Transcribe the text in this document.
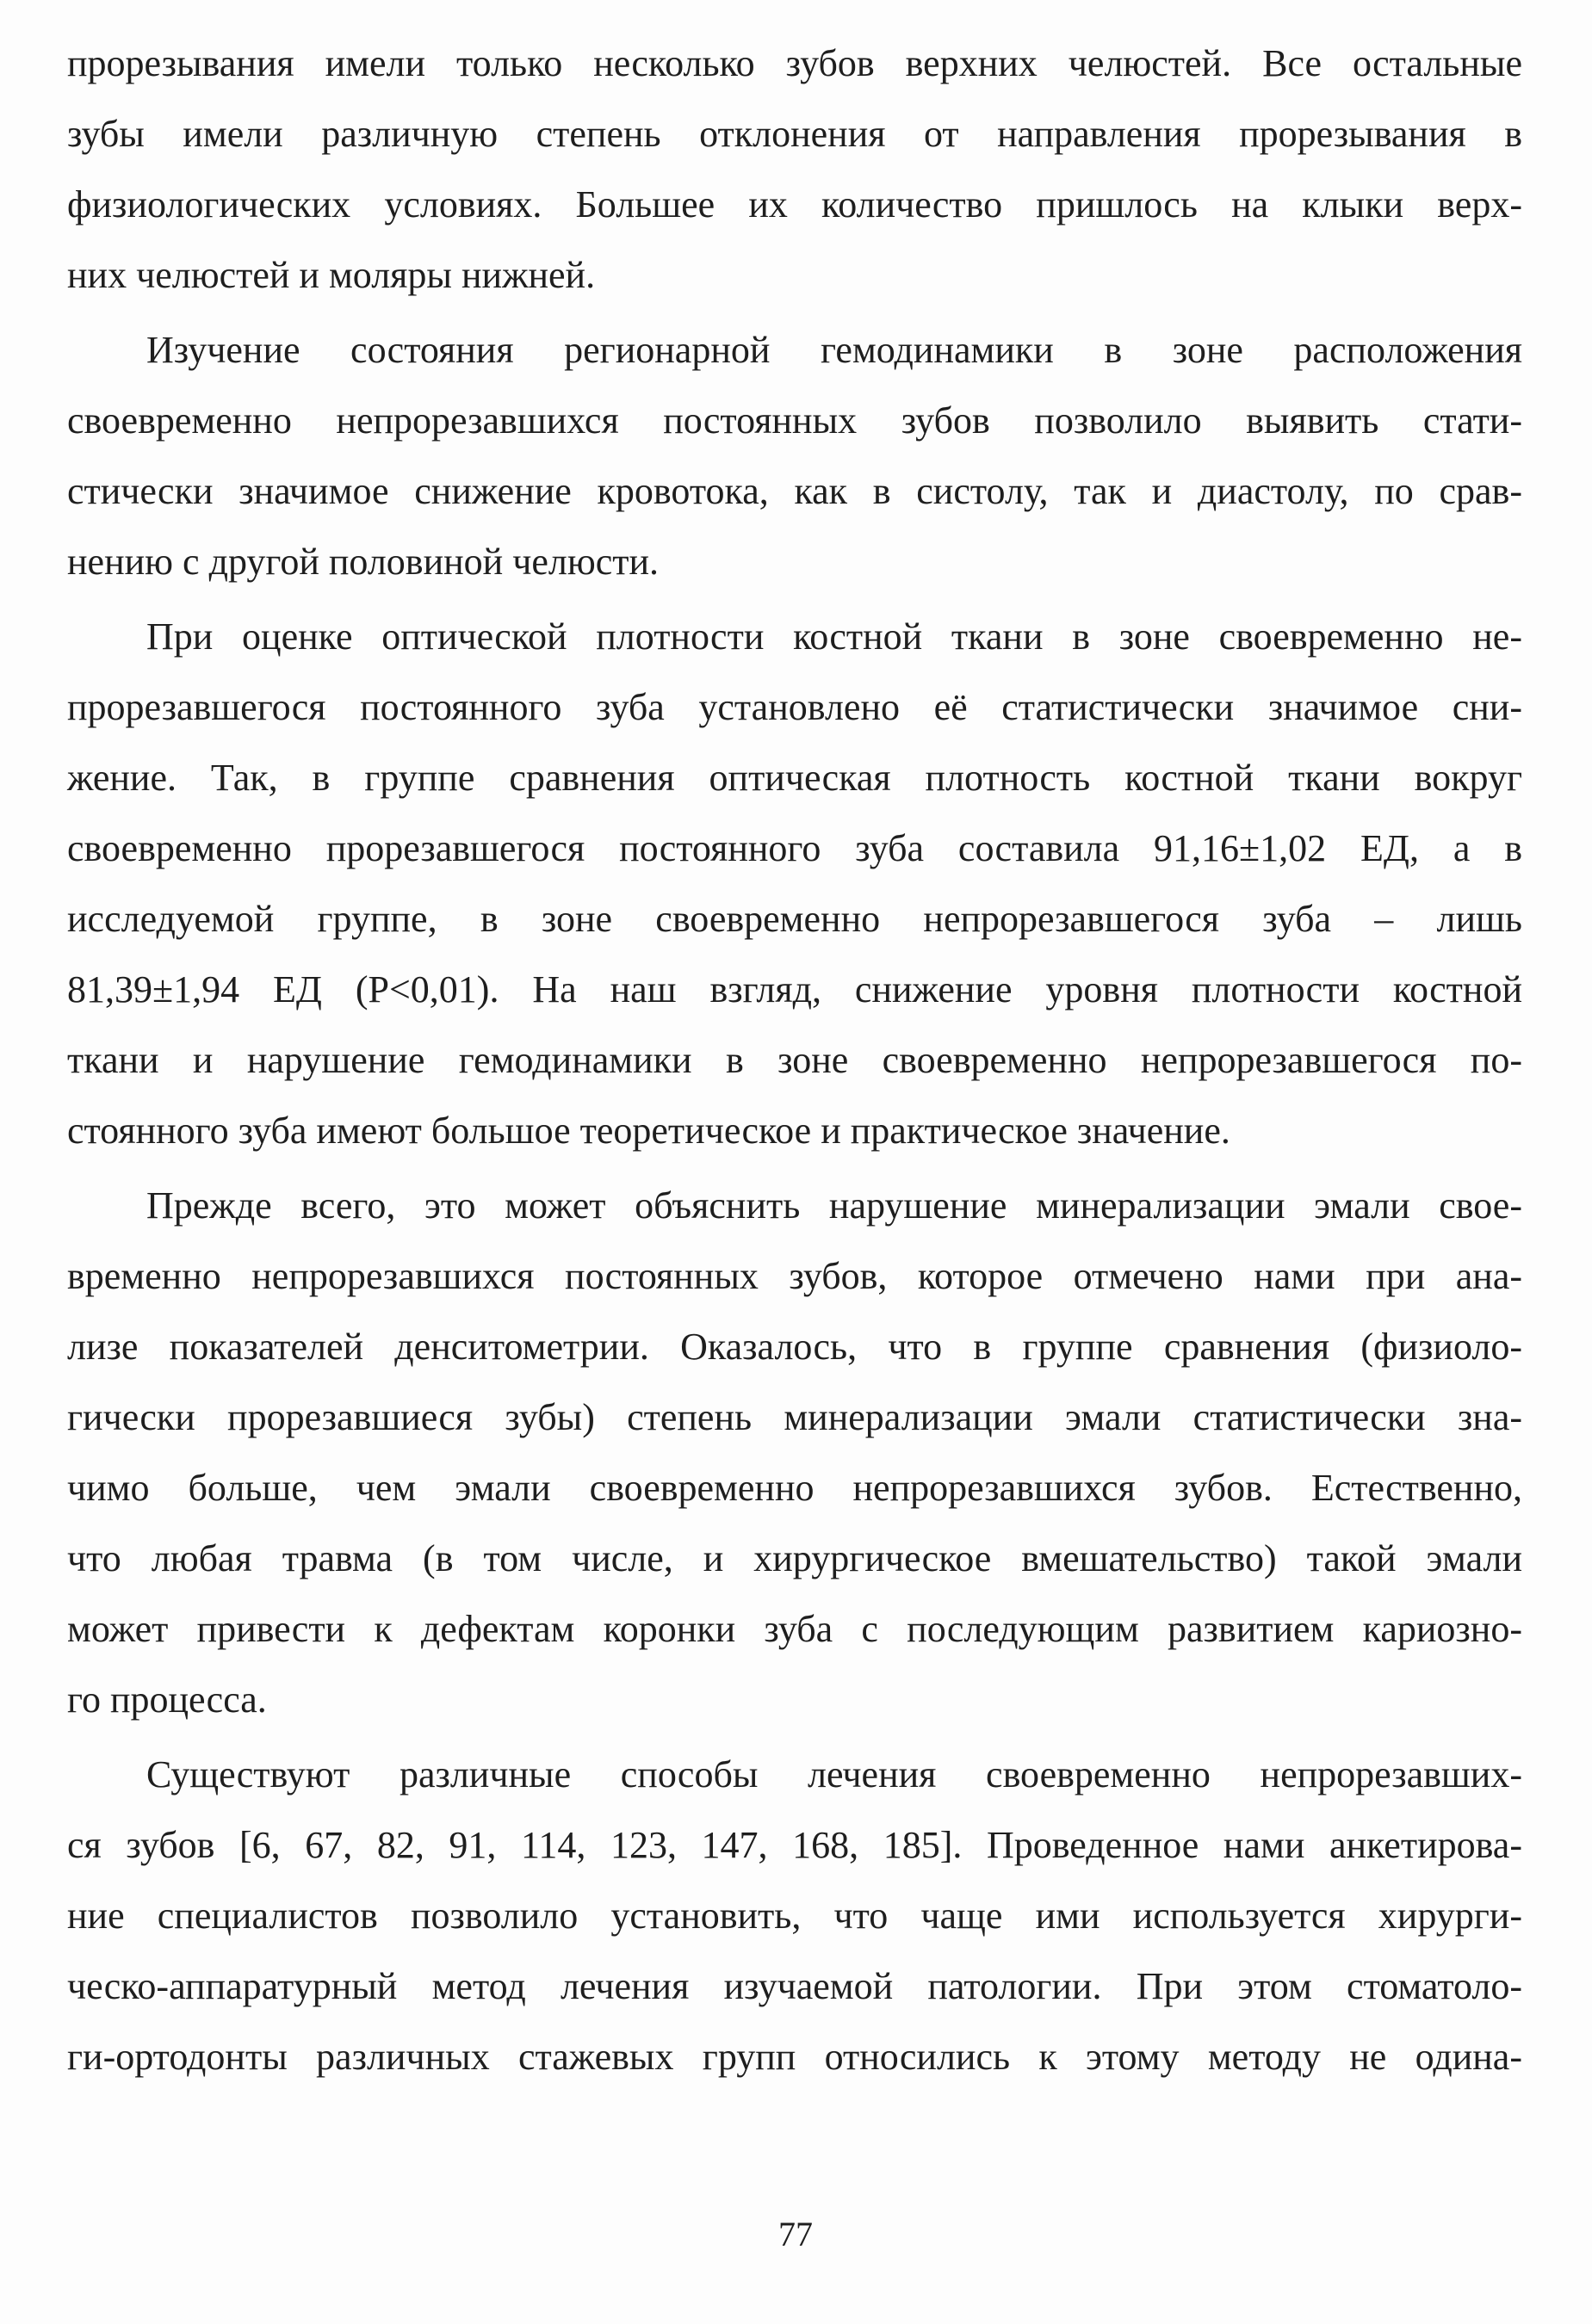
прорезывания имели только несколько зубов верхних челюстей. Все остальные
зубы имели различную степень отклонения от направления прорезывания в
физиологических условиях. Большее их количество пришлось на клыки верх-
них челюстей и моляры нижней.
Изучение состояния регионарной гемодинамики в зоне расположения
своевременно непрорезавшихся постоянных зубов позволило выявить стати-
стически значимое снижение кровотока, как в систолу, так и диастолу, по срав-
нению с другой половиной челюсти.
При оценке оптической плотности костной ткани в зоне своевременно не-
прорезавшегося постоянного зуба установлено её статистически значимое сни-
жение. Так, в группе сравнения оптическая плотность костной ткани вокруг
своевременно прорезавшегося постоянного зуба составила 91,16±1,02 ЕД, а в
исследуемой группе, в зоне своевременно непрорезавшегося зуба – лишь
81,39±1,94 ЕД (Р<0,01). На наш взгляд, снижение уровня плотности костной
ткани и нарушение гемодинамики в зоне своевременно непрорезавшегося по-
стоянного зуба имеют большое теоретическое и практическое значение.
Прежде всего, это может объяснить нарушение минерализации эмали свое-
временно непрорезавшихся постоянных зубов, которое отмечено нами при ана-
лизе показателей денситометрии. Оказалось, что в группе сравнения (физиоло-
гически прорезавшиеся зубы) степень минерализации эмали статистически зна-
чимо больше, чем эмали своевременно непрорезавшихся зубов. Естественно,
что любая травма (в том числе, и хирургическое вмешательство) такой эмали
может привести к дефектам коронки зуба с последующим развитием кариозно-
го процесса.
Существуют различные способы лечения своевременно непрорезавших-
ся зубов [6, 67, 82, 91, 114, 123, 147, 168, 185]. Проведенное нами анкетирова-
ние специалистов позволило установить, что чаще ими используется хирурги-
ческо-аппаратурный метод лечения изучаемой патологии. При этом стоматоло-
ги-ортодонты различных стажевых групп относились к этому методу не одина-
77
